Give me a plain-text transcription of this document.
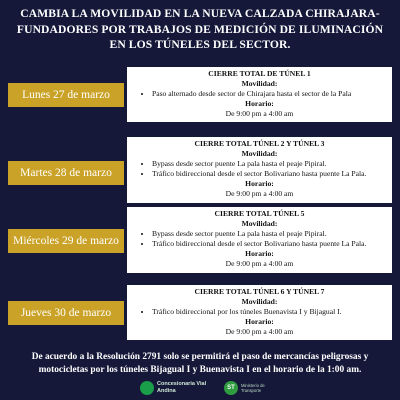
CAMBIA LA MOVILIDAD EN LA NUEVA CALZADA CHIRAJARA-FUNDADORES POR TRABAJOS DE MEDICIÓN DE ILUMINACIÓN EN LOS TÚNELES DEL SECTOR.
Lunes 27 de marzo
CIERRE TOTAL DE TÚNEL 1
Movilidad:
• Paso alternado desde sector de Chirajara hasta el sector de la Pala
Horario:
De 9:00 pm a 4:00 am
Martes 28 de marzo
CIERRE TOTAL TÚNEL 2 Y TÚNEL 3
Movilidad:
• Bypass desde sector puente La pala hasta el peaje Pipiral.
• Tráfico bidireccional desde el sector Bolivariano hasta puente La Pala.
Horario:
De 9:00 pm a 4:00 am
Miércoles 29 de marzo
CIERRE TOTAL TÚNEL 5
Movilidad:
• Bypass desde sector puente La pala hasta el peaje Pipiral.
• Tráfico bidireccional desde el sector Bolivariano hasta puente La Pala.
Horario:
De 9:00 pm a 4:00 am
Jueves 30 de marzo
CIERRE TOTAL TÚNEL 6 Y TÚNEL 7
Movilidad:
• Tráfico bidireccional por los túneles Buenavista I y Bijagual I.
Horario:
De 9:00 pm a 4:00 am
De acuerdo a la Resolución 2791 solo se permitirá el paso de mercancías peligrosas y motocicletas por los túneles Bijagual I y Buenavista I en el horario de la 1:00 am.
Concesionaria Vial Andina	ST	Ministerio de Transporte
